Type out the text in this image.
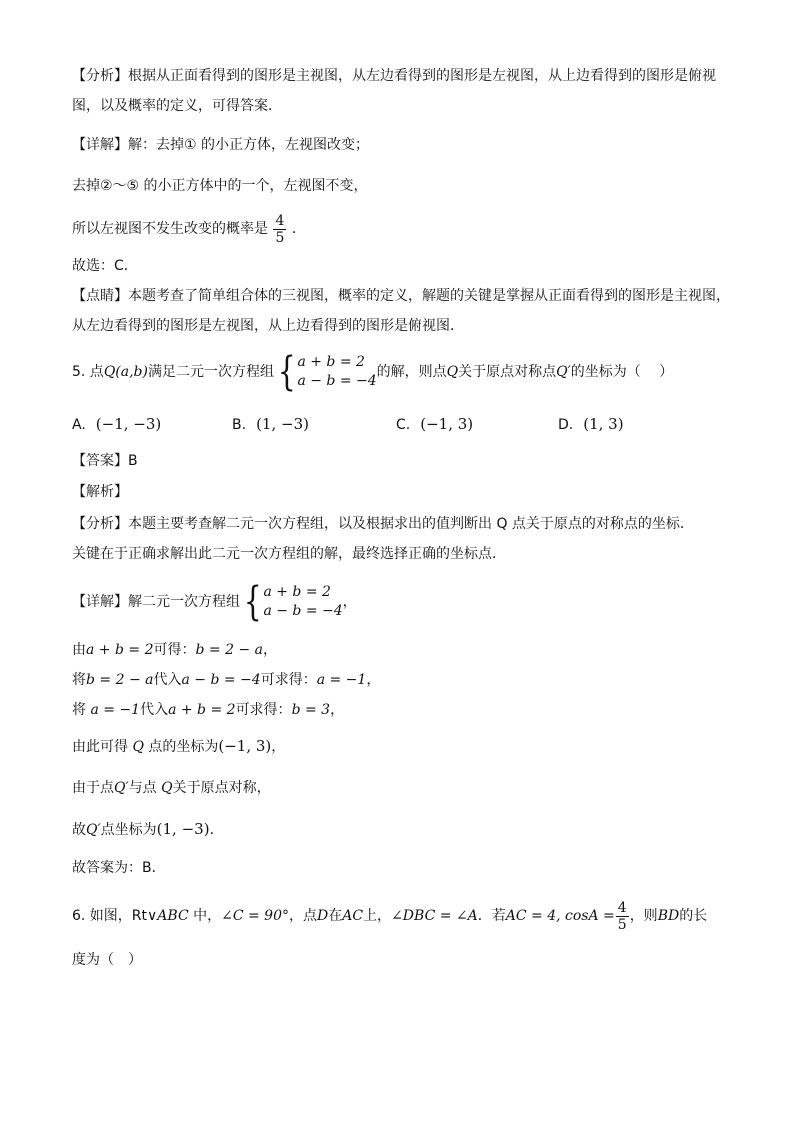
【分析】根据从正面看得到的图形是主视图，从左边看得到的图形是左视图，从上边看得到的图形是俯视
图，以及概率的定义，可得答案．
【详解】解：去掉① 的小正方体，左视图改变；
去掉②～⑤ 的小正方体中的一个，左视图不变，
所以左视图不发生改变的概率是 $\frac{4}{5}$ ．
故选：C．
【点睛】本题考查了简单组合体的三视图，概率的定义，解题的关键是掌握从正面看得到的图形是主视图，
从左边看得到的图形是左视图，从上边看得到的图形是俯视图．
5. 点Q(a,b)满足二元一次方程组 { a + b = 2
a − b = −4
的解，则点Q关于原点对称点Q′的坐标为（　 ）
A. (−1, −3)	B. (1, −3)	C. (−1, 3)	D. (1, 3)
【答案】B
【解析】
【分析】本题主要考查解二元一次方程组，以及根据求出的值判断出 Q 点关于原点的对称点的坐标．
关键在于正确求解出此二元一次方程组的解，最终选择正确的坐标点．
【详解】解二元一次方程组 { a + b = 2
a − b = −4
，
由a + b = 2可得：b = 2 − a，
将b = 2 − a代入a − b = −4可求得：a = −1，
将 a = −1代入a + b = 2可求得：b = 3，
由此可得 Q 点的坐标为(−1, 3)，
由于点Q′与点 Q关于原点对称，
故Q′点坐标为(1, −3)．
故答案为：B．
6. 如图，Rt∨ABC 中，∠C = 90°，点D在AC上，∠DBC = ∠A．若AC = 4, $\cos A = \frac{4}{5}$ ，则BD的长
度为（　）
